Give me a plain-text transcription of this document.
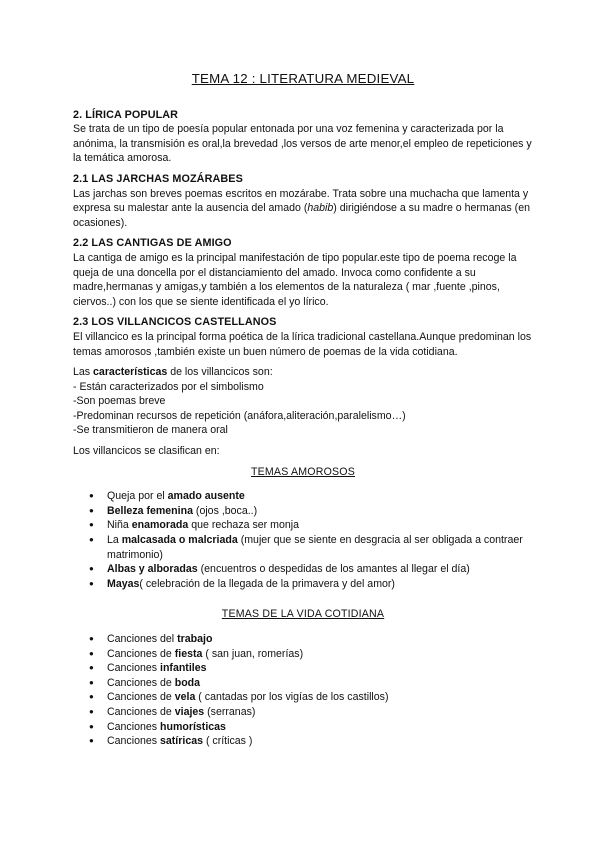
TEMA 12 : LITERATURA MEDIEVAL
2. LÍRICA POPULAR

Se trata de un tipo de poesía popular entonada por una voz femenina y caracterizada por la anónima, la transmisión es oral,la brevedad ,los versos de arte menor,el empleo de repeticiones y la temática amorosa.

2.1 LAS JARCHAS MOZÁRABES

Las jarchas son breves poemas escritos en mozárabe. Trata sobre una muchacha que lamenta y expresa su malestar ante la ausencia del amado (habib) dirigiéndose a su madre o hermanas (en ocasiones).

2.2 LAS CANTIGAS DE AMIGO

La cantiga de amigo es la principal manifestación de tipo popular.este tipo de poema recoge la queja de una doncella por el distanciamiento del amado. Invoca como confidente a su madre,hermanas y amigas,y también a los elementos de la naturaleza ( mar ,fuente ,pinos, ciervos..) con los que se siente identificada el yo lírico.

2.3 LOS VILLANCICOS CASTELLANOS

El villancico es la principal forma poética de la lírica tradicional castellana.Aunque predominan los temas amorosos ,también existe un buen número de poemas de la vida cotidiana.

Las características de los villancicos son:

- Están caracterizados por el simbolismo
-Son poemas breve
-Predominan recursos de repetición (anáfora,aliteración,paralelismo…)
-Se transmitieron de manera oral

Los villancicos se clasifican en:

TEMAS AMOROSOS

● Queja por el amado ausente
● Belleza femenina (ojos ,boca..)
● Niña enamorada que rechaza ser monja
● La malcasada o malcriada (mujer que se siente en desgracia al ser obligada a contraer matrimonio)
● Albas y alboradas (encuentros o despedidas de los amantes al llegar el día)
● Mayas( celebración de la llegada de la primavera y del amor)

TEMAS DE LA VIDA COTIDIANA

● Canciones del trabajo
● Canciones de fiesta ( san juan, romerías)
● Canciones infantiles
● Canciones de boda
● Canciones de vela ( cantadas por los vigías de los castillos)
● Canciones de viajes (serranas)
● Canciones humorísticas
● Canciones satíricas ( críticas )
